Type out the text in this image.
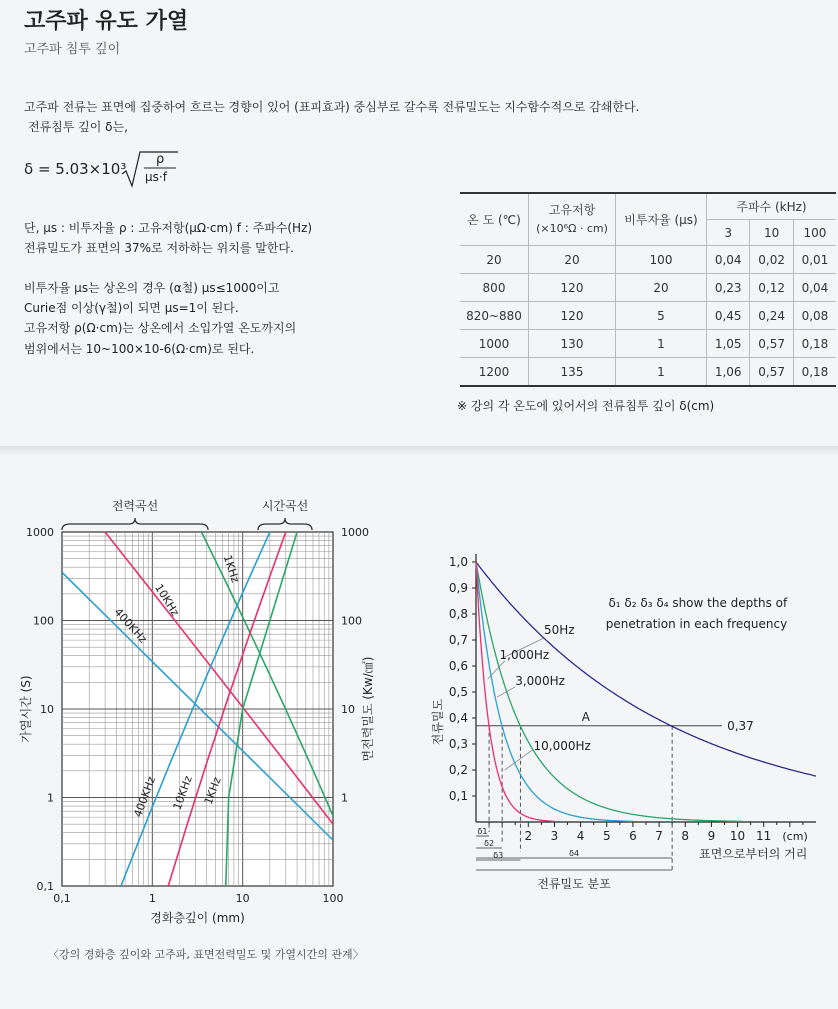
고주파 유도 가열
고주파 침투 깊이
고주파 전류는 표면에 집중하여 흐르는 경향이 있어 (표피효과) 중심부로 갈수록 전류밀도는 지수함수적으로 감쇄한다.
전류침투 깊이 δ는,
δ = 5.03×10³
ρ
μs·f
단, μs : 비투자율 ρ : 고유저항(μΩ·cm) f : 주파수(Hz)
전류밀도가 표면의 37%로 저하하는 위치를 말한다.
비투자율 μs는 상온의 경우 (α철) μs≤1000이고
Curie점 이상(γ철)이 되면 μs=1이 된다.
고유저항 ρ(Ω·cm)는 상온에서 소입가열 온도까지의
범위에서는 10~100×10-6(Ω·cm)로 된다.
온 도 (℃)	고유저항
(×10⁶Ω · cm)	비투자율 (μs)	주파수 (kHz)		
			3	10	100
20	20	100	0,04	0,02	0,01
800	120	20	0,23	0,12	0,04
820~880	120	5	0,45	0,24	0,08
1000	130	1	1,05	0,57	0,18
1200	135	1	1,06	0,57	0,18
※ 강의 각 온도에 있어서의 전류침투 깊이 δ(cm)
0,1	1	10	100
0,1
1
10
100
1000
1
10
100
1000
경화층깊이 (mm)
가열시간 (S)	면전력밀도 (Kw/㎠)
전력곡선	시간곡선
400KHz
10KHz
1KHz
400KHz 10KHz 1KHz	0,1
0,2
0,3
0,4
0,5
0,6
0,7
0,8
0,9
1,0
2 3 4 5 6 7 8 9 10 11 (cm)
표면으로부터의 거리
전류밀도	A
0,37
δ1
δ2
δ3	δ4
전류밀도 분포
50Hz
1,000Hz
3,000Hz
10,000Hz
δ₁ δ₂ δ₃ δ₄ show the depths of
penetration in each frequency
〈강의 경화층 깊이와 고주파, 표면전력밀도 및 가열시간의 관계〉
